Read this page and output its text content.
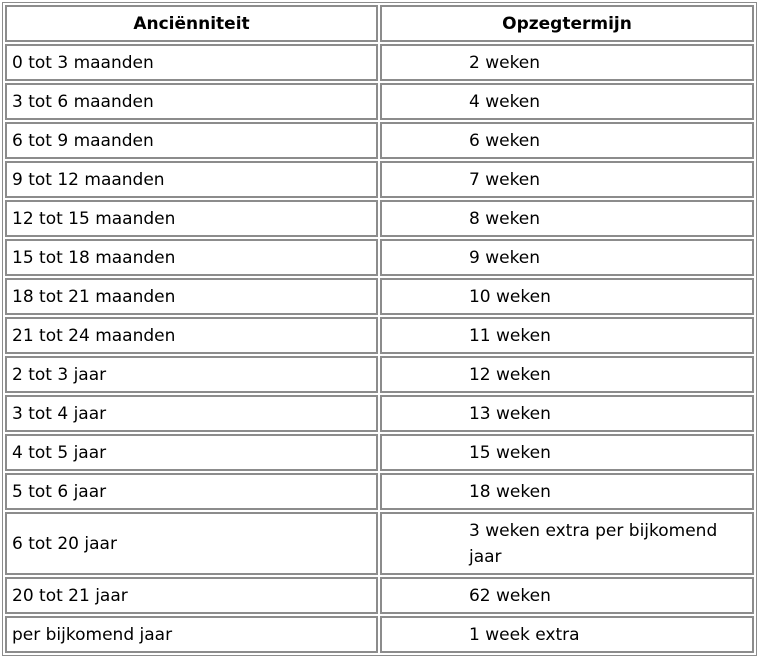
Anciënniteit	Opzegtermijn
0 tot 3 maanden	2 weken
3 tot 6 maanden	4 weken
6 tot 9 maanden	6 weken
9 tot 12 maanden	7 weken
12 tot 15 maanden	8 weken
15 tot 18 maanden	9 weken
18 tot 21 maanden	10 weken
21 tot 24 maanden	11 weken
2 tot 3 jaar	12 weken
3 tot 4 jaar	13 weken
4 tot 5 jaar	15 weken
5 tot 6 jaar	18 weken
6 tot 20 jaar	3 weken extra per bijkomend jaar
20 tot 21 jaar	62 weken
per bijkomend jaar	1 week extra
